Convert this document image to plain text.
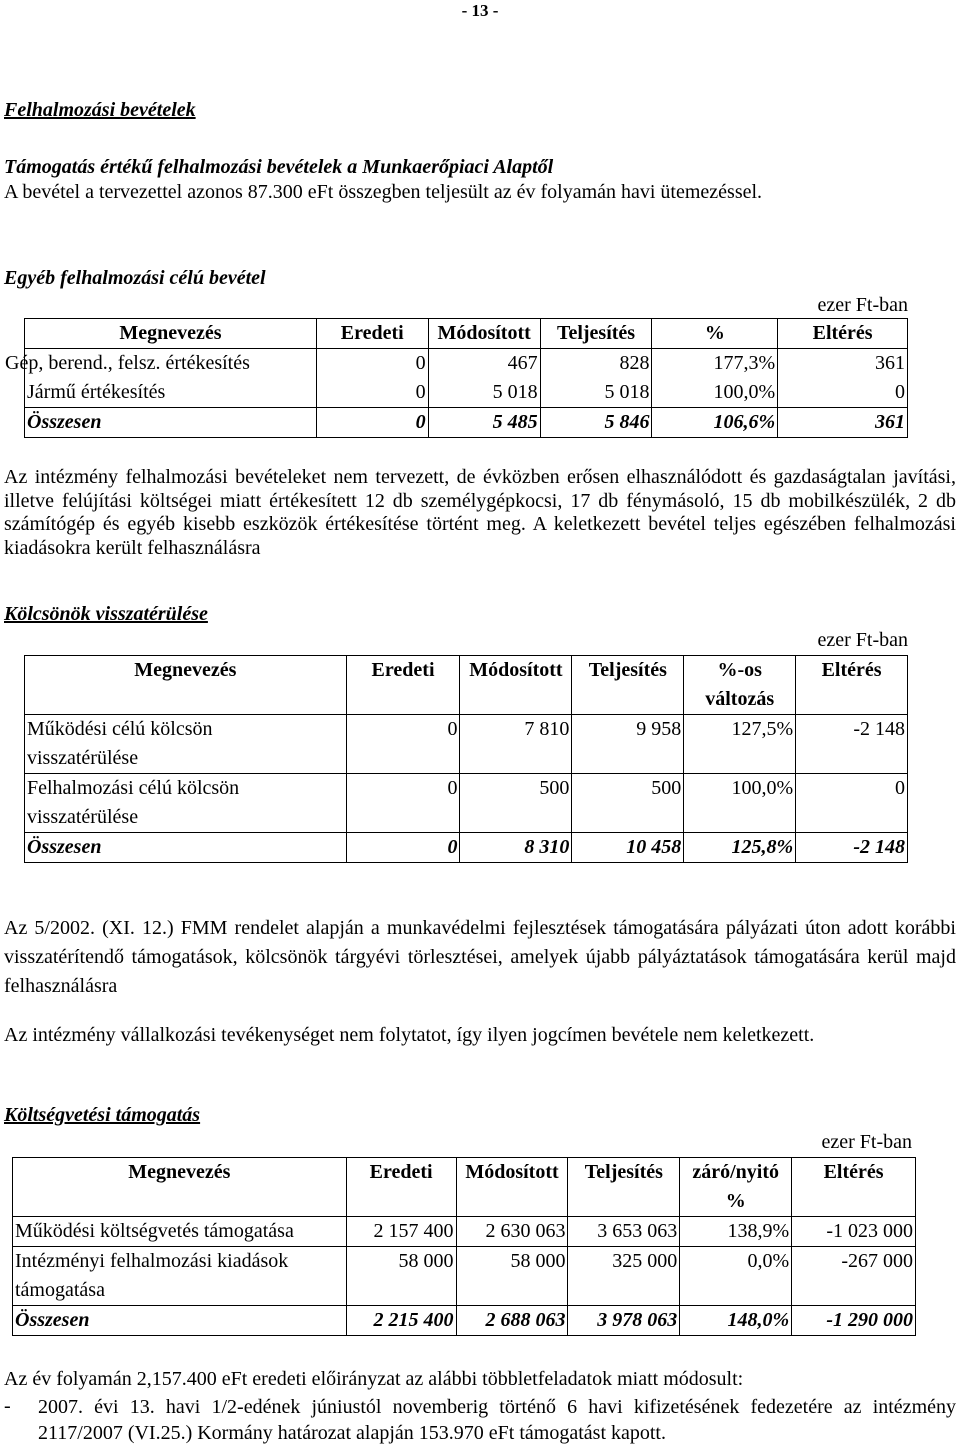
- 13 -
Felhalmozási bevételek
Támogatás értékű felhalmozási bevételek a Munkaerőpiaci Alaptől
A bevétel a tervezettel azonos 87.300 eFt összegben teljesült az év folyamán havi ütemezéssel.
Egyéb felhalmozási célú bevétel
ezer Ft-ban
Megnevezés	Eredeti	Módosított	Teljesítés	%	Eltérés
Gép, berend., felsz. értékesítés	0	467	828	177,3%	361
Jármű értékesítés	0	5 018	5 018	100,0%	0
Összesen	0	5 485	5 846	106,6%	361
Az intézmény felhalmozási bevételeket nem tervezett, de évközben erősen elhasználódott és gazdaságtalan javítási, illetve felújítási költségei miatt értékesített 12 db személygépkocsi, 17 db fénymásoló, 15 db mobilkészülék, 2 db számítógép és egyéb kisebb eszközök értékesítése történt meg. A keletkezett bevétel teljes egészében felhalmozási kiadásokra került felhasználásra
Kölcsönök visszatérülése
ezer Ft-ban
Megnevezés	Eredeti	Módosított	Teljesítés	%-os változás	Eltérés
Működési célú kölcsön visszatérülése	0	7 810	9 958	127,5%	-2 148
Felhalmozási célú kölcsön visszatérülése	0	500	500	100,0%	0
Összesen	0	8 310	10 458	125,8%	-2 148
Az 5/2002. (XI. 12.) FMM rendelet alapján a munkavédelmi fejlesztések támogatására pályázati úton adott korábbi visszatérítendő támogatások, kölcsönök tárgyévi törlesztései, amelyek újabb pályáztatások támogatására kerül majd felhasználásra
Az intézmény vállalkozási tevékenységet nem folytatot, így ilyen jogcímen bevétele nem keletkezett.
Költségvetési támogatás
ezer Ft-ban
Megnevezés	Eredeti	Módosított	Teljesítés	záró/nyitó %	Eltérés
Működési költségvetés támogatása	2 157 400	2 630 063	3 653 063	138,9%	-1 023 000
Intézményi felhalmozási kiadások támogatása	58 000	58 000	325 000	0,0%	-267 000
Összesen	2 215 400	2 688 063	3 978 063	148,0%	-1 290 000
Az év folyamán 2,157.400 eFt eredeti előirányzat az alábbi többletfeladatok miatt módosult:
- 2007. évi 13. havi 1/2-edének júniustól novemberig történő 6 havi kifizetésének fedezetére az intézmény 2117/2007 (VI.25.) Kormány határozat alapján 153.970 eFt támogatást kapott.
